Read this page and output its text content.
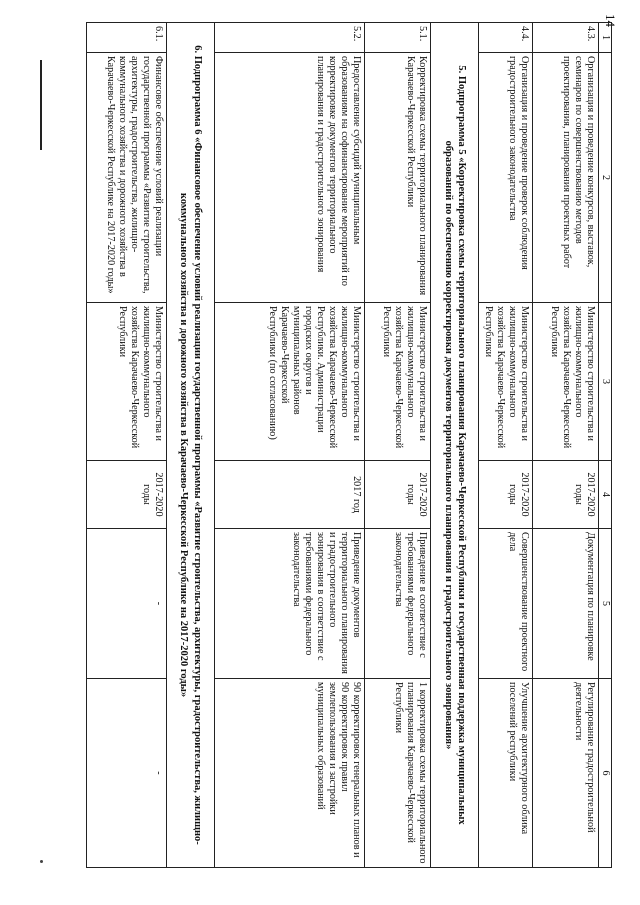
14
1	2	3	4	5	6
4.3.	Организация и проведение конкурсов, выставок, семинаров по совершенствованию методов проектирования, планирования проектных работ	Министерство строительства и жилищно-коммунального хозяйства Карачаево-Черкесской Республики	2017-2020 годы	Документация по планировке	Регулирование градостроительной деятельности
4.4.	Организация и проведение проверок соблюдения градостроительного законодательства	Министерство строительства и жилищно-коммунального хозяйства Карачаево-Черкесской Республики	2017-2020 годы	Совершенствование проектного дела	Улучшение архитектурного облика поселений республики
5. Подпрограмма 5 «Корректировка схемы территориального планирования Карачаево-Черкесской Республики и государственная поддержка муниципальных образований по обеспечению корректировки документов территориального планирования и градостроительного зонирования»					
5.1.	Корректировка схемы территориального планирования Карачаево-Черкесской Республики	Министерство строительства и жилищно-коммунального хозяйства Карачаево-Черкесской Республики	2017-2020 годы	Приведение в соответствие с требованиями федерального законодательства	1 корректировка схемы территориального планирования Карачаево-Черкесской Республики
5.2.	Предоставление субсидий муниципальным образованиям на софинансирование мероприятий по корректировке документов территориального планирования и градостроительного зонирования	Министерство строительства и жилищно-коммунального хозяйства Карачаево-Черкесской Республики. Администрации городских округов и муниципальных районов Карачаево-Черкесской Республики (по согласованию)	2017 год	Приведение документов территориального планирования и градостроительного зонирования в соответствие с требованиями федерального законодательства	90 корректировок генеральных планов и 90 корректировок правил землепользования и застройки муниципальных образований
6. Подпрограмма 6 «Финансовое обеспечение условий реализации государственной программы «Развитие строительства, архитектуры, градостроительства, жилищно-коммунального хозяйства и дорожного хозяйства в Карачаево-Черкесской Республике на 2017-2020 годы»					
6.1.	Финансовое обеспечение условий реализации государственной программы «Развитие строительства, архитектуры, градостроительства, жилищно-коммунального хозяйства и дорожного хозяйства в Карачаево-Черкесской Республике на 2017-2020 годы»	Министерство строительства и жилищно-коммунального хозяйства Карачаево-Черкесской Республики	2017-2020 годы	-	-
